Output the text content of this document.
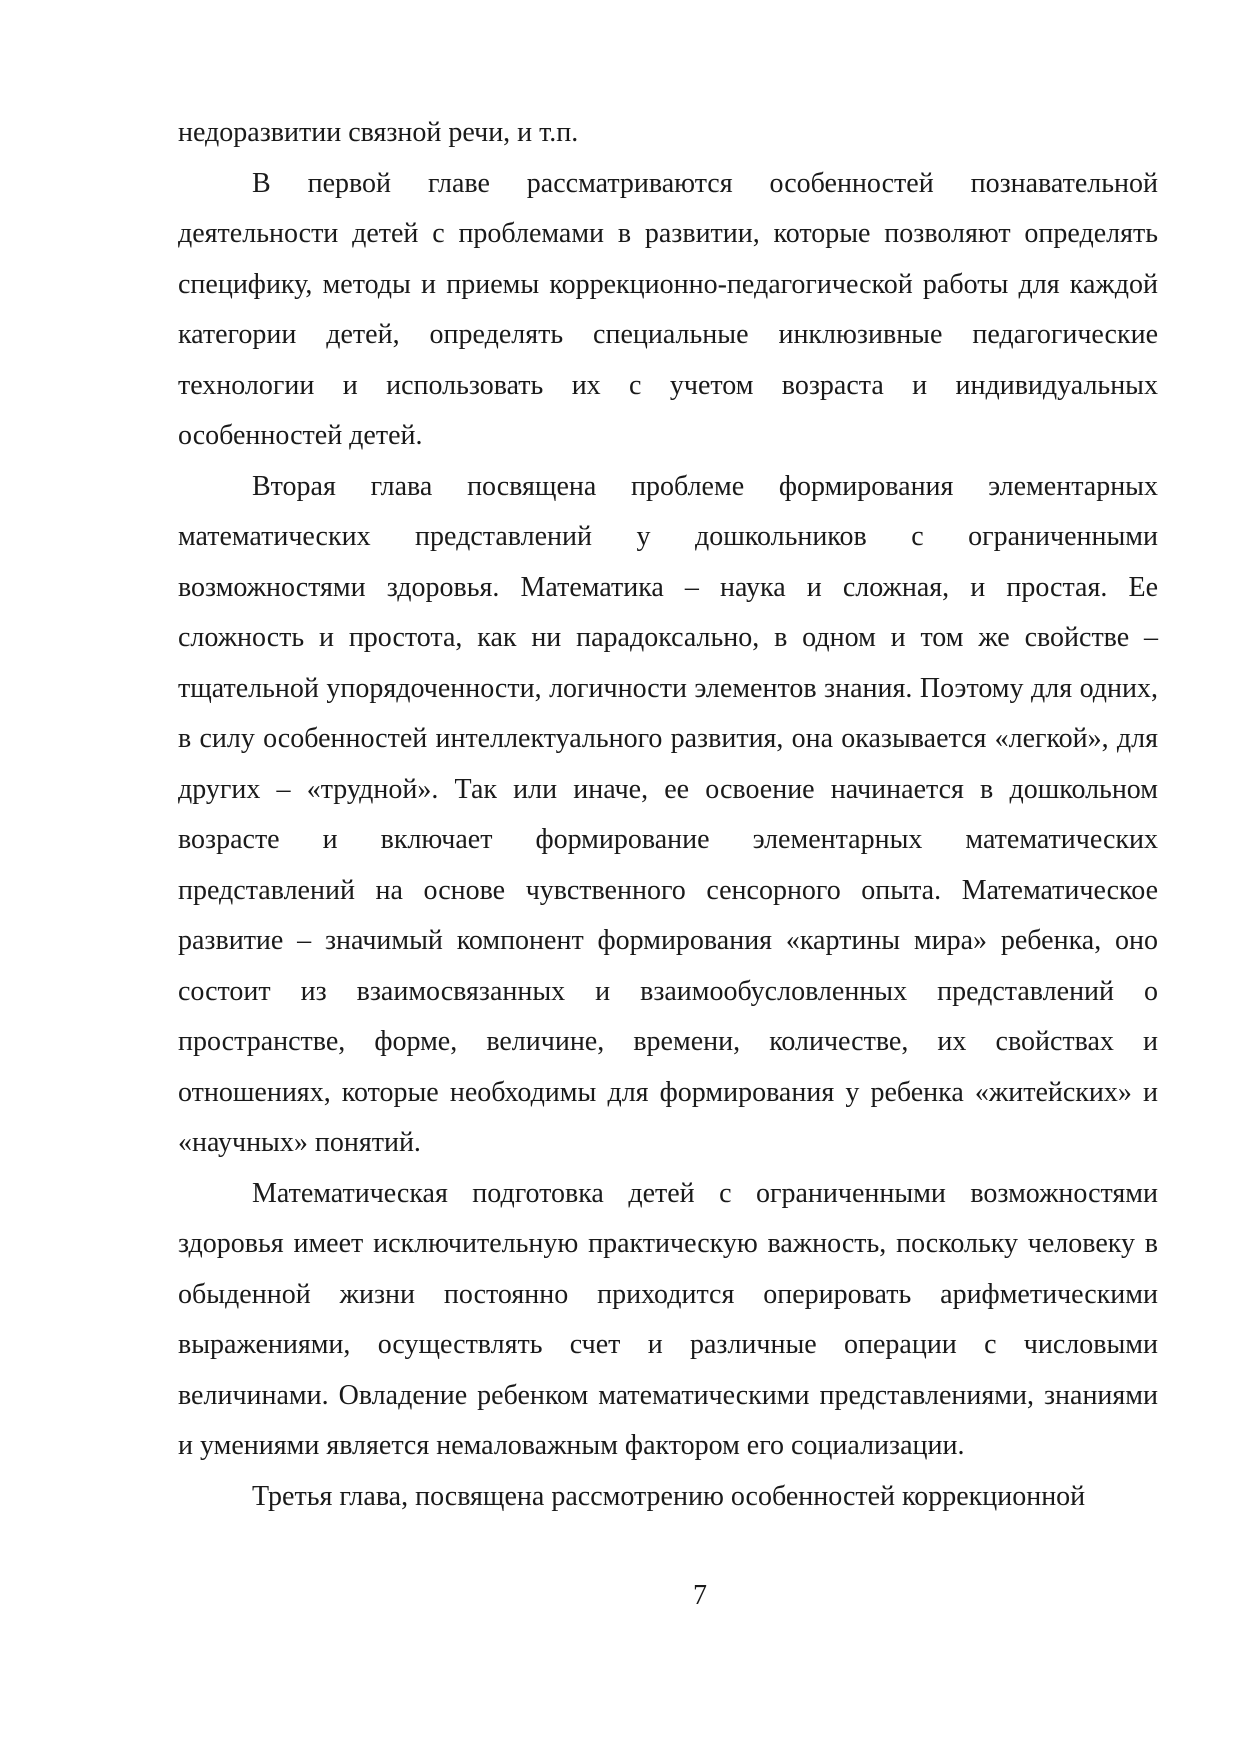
недоразвитии связной речи, и т.п.

В первой главе рассматриваются особенностей познавательной деятельности детей с проблемами в развитии, которые позволяют определять специфику, методы и приемы коррекционно-педагогической работы для каждой категории детей, определять специальные инклюзивные педагогические технологии и использовать их с учетом возраста и индивидуальных особенностей детей.

Вторая глава посвящена проблеме формирования элементарных математических представлений у дошкольников с ограниченными возможностями здоровья. Математика – наука и сложная, и простая. Ее сложность и простота, как ни парадоксально, в одном и том же свойстве – тщательной упорядоченности, логичности элементов знания. Поэтому для одних, в силу особенностей интеллектуального развития, она оказывается «легкой», для других – «трудной». Так или иначе, ее освоение начинается в дошкольном возрасте и включает формирование элементарных математических представлений на основе чувственного сенсорного опыта. Математическое развитие – значимый компонент формирования «картины мира» ребенка, оно состоит из взаимосвязанных и взаимообусловленных представлений о пространстве, форме, величине, времени, количестве, их свойствах и отношениях, которые необходимы для формирования у ребенка «житейских» и «научных» понятий.

Математическая подготовка детей с ограниченными возможностями здоровья имеет исключительную практическую важность, поскольку человеку в обыденной жизни постоянно приходится оперировать арифметическими выражениями, осуществлять счет и различные операции с числовыми величинами. Овладение ребенком математическими представлениями, знаниями и умениями является немаловажным фактором его социализации.

Третья глава, посвящена рассмотрению особенностей коррекционной

7
